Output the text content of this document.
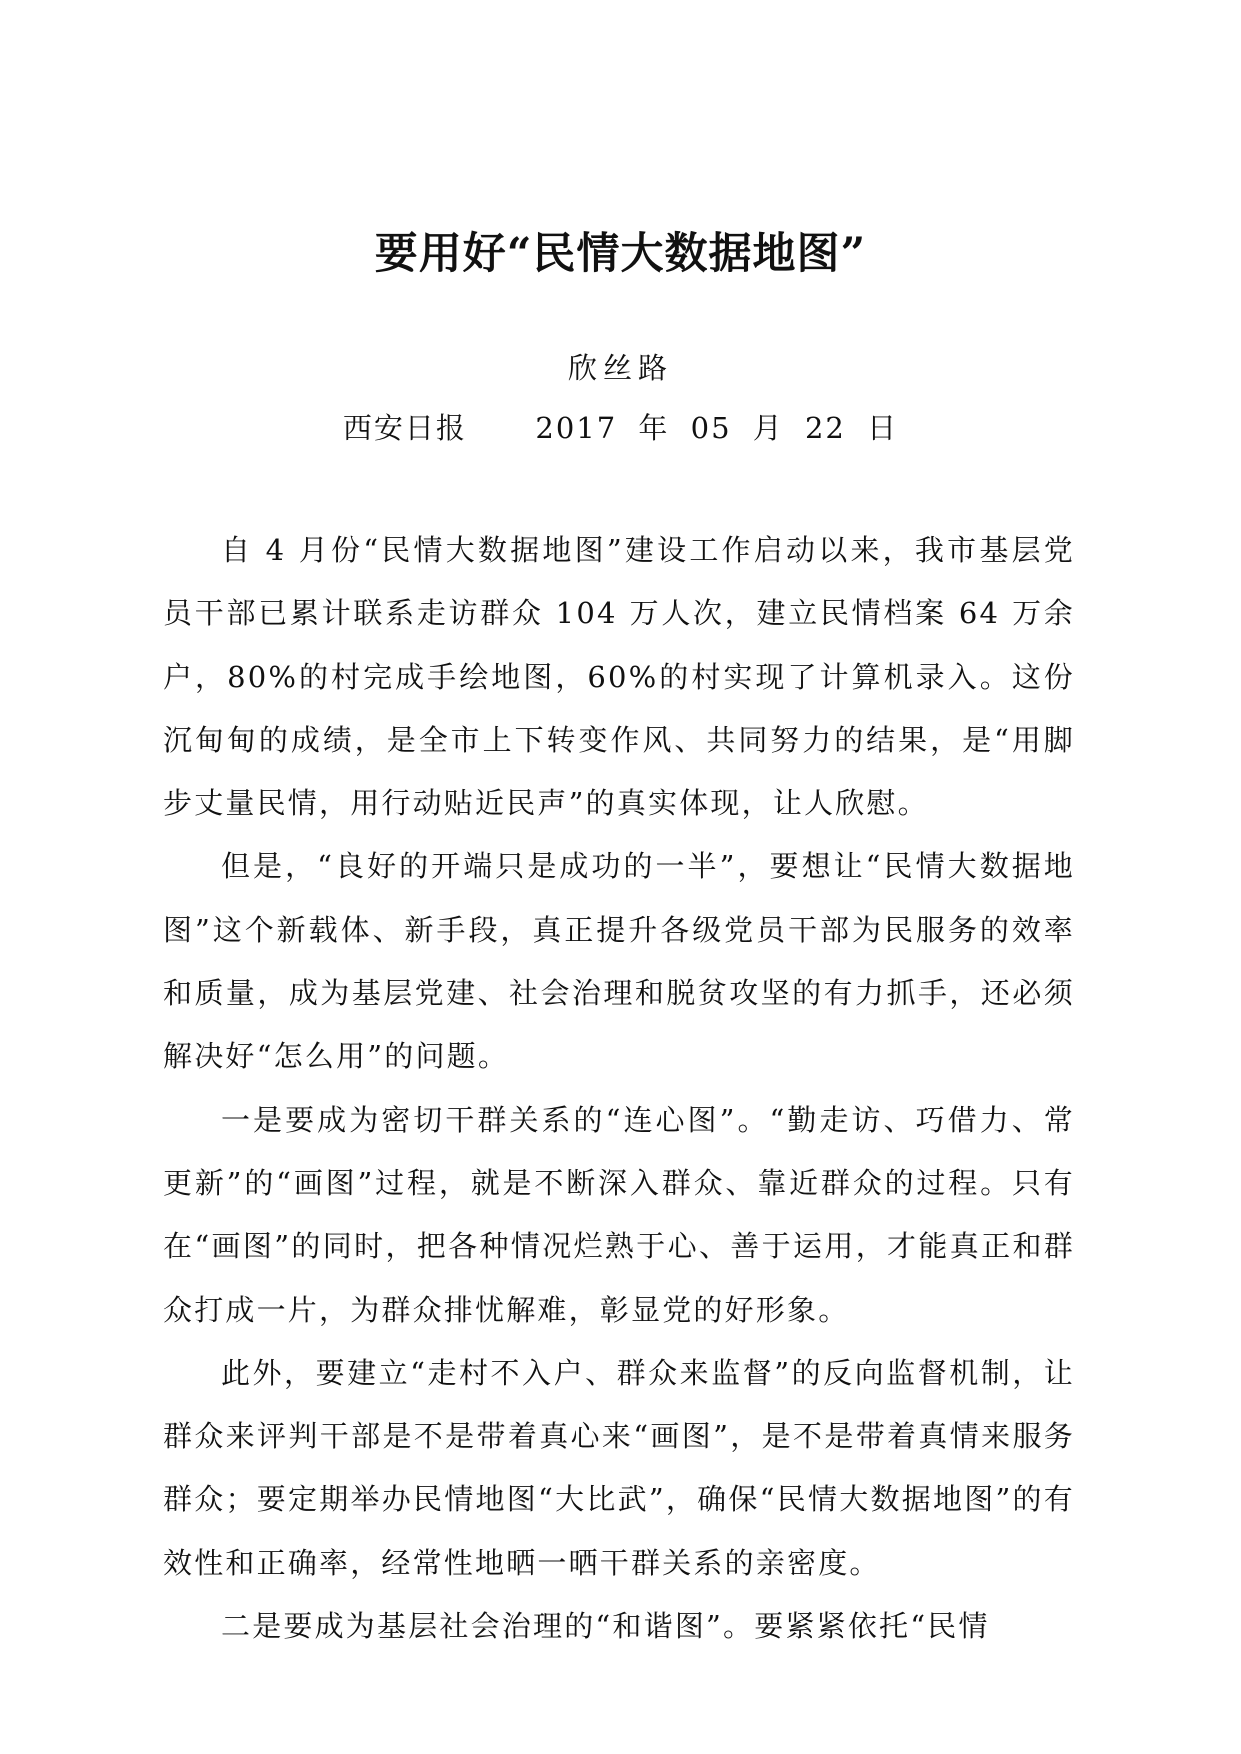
要用好“民情大数据地图”
欣丝路
西安日报 2017 年 05 月 22 日

自 4 月份“民情大数据地图”建设工作启动以来，我市基层党员干部已累计联系走访群众 104 万人次，建立民情档案 64 万余户，80%的村完成手绘地图，60%的村实现了计算机录入。这份沉甸甸的成绩，是全市上下转变作风、共同努力的结果，是“用脚步丈量民情，用行动贴近民声”的真实体现，让人欣慰。

但是，“良好的开端只是成功的一半”，要想让“民情大数据地图”这个新载体、新手段，真正提升各级党员干部为民服务的效率和质量，成为基层党建、社会治理和脱贫攻坚的有力抓手，还必须解决好“怎么用”的问题。

一是要成为密切干群关系的“连心图”。“勤走访、巧借力、常更新”的“画图”过程，就是不断深入群众、靠近群众的过程。只有在“画图”的同时，把各种情况烂熟于心、善于运用，才能真正和群众打成一片，为群众排忧解难，彰显党的好形象。

此外，要建立“走村不入户、群众来监督”的反向监督机制，让群众来评判干部是不是带着真心来“画图”，是不是带着真情来服务群众；要定期举办民情地图“大比武”，确保“民情大数据地图”的有效性和正确率，经常性地晒一晒干群关系的亲密度。

二是要成为基层社会治理的“和谐图”。要紧紧依托“民情
